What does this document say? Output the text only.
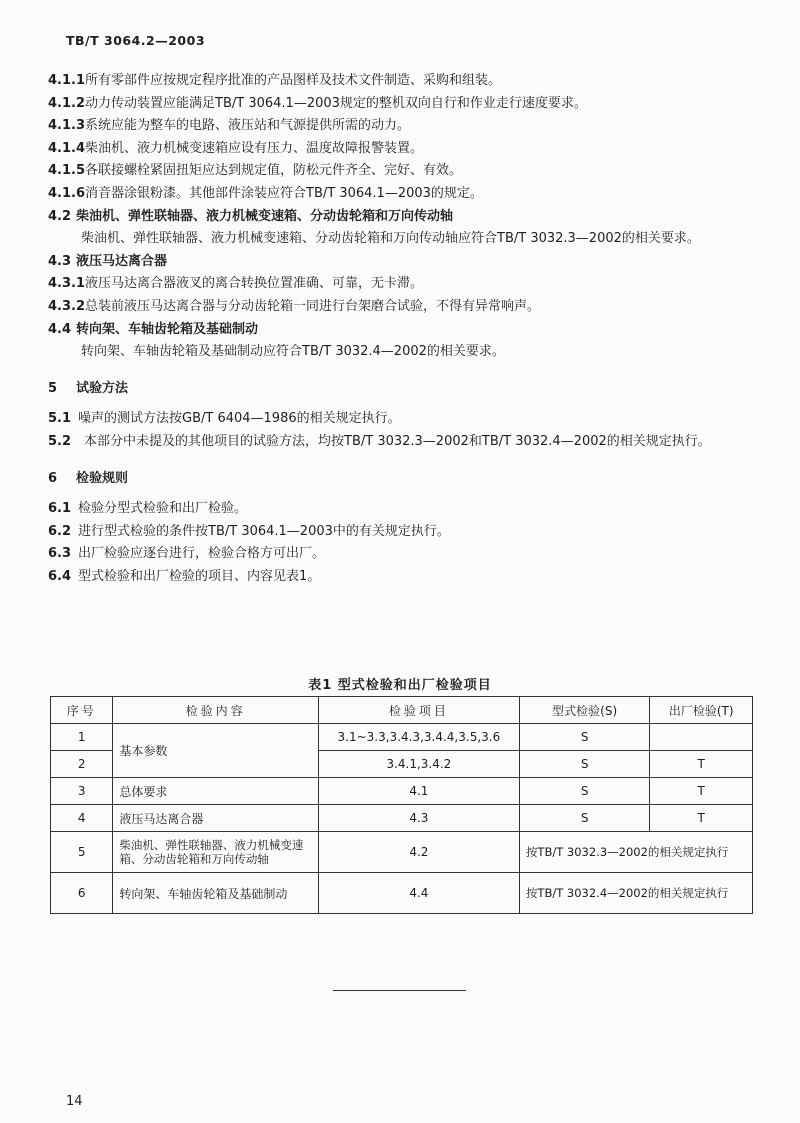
TB/T 3064.2—2003
4.1.1所有零部件应按规定程序批准的产品图样及技术文件制造、采购和组装。
4.1.2动力传动装置应能满足TB/T 3064.1—2003规定的整机双向自行和作业走行速度要求。
4.1.3系统应能为整车的电路、液压站和气源提供所需的动力。
4.1.4柴油机、液力机械变速箱应设有压力、温度故障报警装置。
4.1.5各联接螺栓紧固扭矩应达到规定值，防松元件齐全、完好、有效。
4.1.6消音器涂银粉漆。其他部件涂装应符合TB/T 3064.1—2003的规定。
4.2 柴油机、弹性联轴器、液力机械变速箱、分动齿轮箱和万向传动轴

柴油机、弹性联轴器、液力机械变速箱、分动齿轮箱和万向传动轴应符合TB/T 3032.3—2002的相关要求。

4.3 液压马达离合器
4.3.1液压马达离合器液叉的离合转换位置准确、可靠，无卡滞。
4.3.2总装前液压马达离合器与分动齿轮箱一同进行台架磨合试验，不得有异常响声。
4.4 转向架、车轴齿轮箱及基础制动
转向架、车轴齿轮箱及基础制动应符合TB/T 3032.4—2002的相关要求。
5 试验方法
5.1 噪声的测试方法按GB/T 6404—1986的相关规定执行。
5.2 本部分中未提及的其他项目的试验方法，均按TB/T 3032.3—2002和TB/T 3032.4—2002的相关规定执行。
6 检验规则
6.1 检验分型式检验和出厂检验。
6.2 进行型式检验的条件按TB/T 3064.1—2003中的有关规定执行。
6.3 出厂检验应逐台进行，检验合格方可出厂。
6.4 型式检验和出厂检验的项目、内容见表1。
表1 型式检验和出厂检验项目
序号	检验内容	检验项目	型式检验(S)	出厂检验(T)
1	基本参数	3.1~3.3,3.4.3,3.4.4,3.5,3.6	S	
2		3.4.1,3.4.2	S	T
3	总体要求	4.1	S	T
4	液压马达离合器	4.3	S	T
5	柴油机、弹性联轴器、液力机械变速箱、分动齿轮箱和万向传动轴	4.2	按TB/T 3032.3—2002的相关规定执行	
6	转向架、车轴齿轮箱及基础制动	4.4	按TB/T 3032.4—2002的相关规定执行	
14
